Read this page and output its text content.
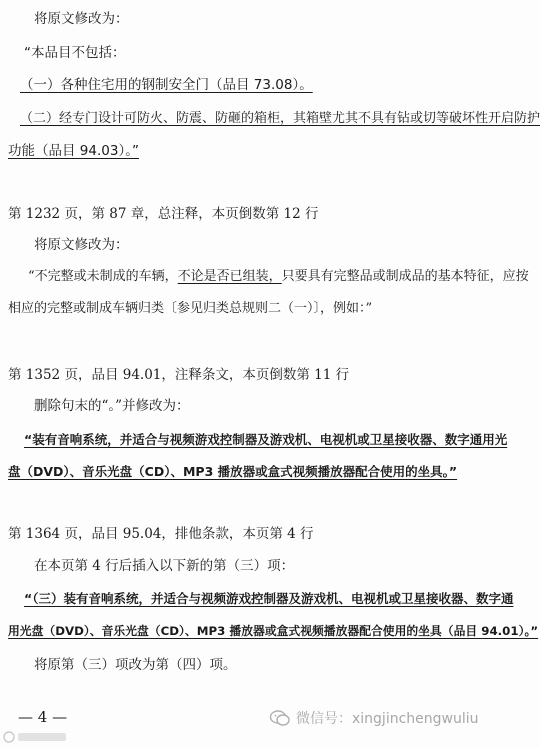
将原文修改为：
“本品目不包括：
（一）各种住宅用的钢制安全门（品目 73.08）。
（二）经专门设计可防火、防震、防砸的箱柜，其箱壁尤其不具有钻或切等破坏性开启防护
功能（品目 94.03）。”
第 1232 页，第 87 章，总注释，本页倒数第 12 行
将原文修改为：
“不完整或未制成的车辆，不论是否已组装，只要具有完整品或制成品的基本特征，应按
相应的完整或制成车辆归类〔参见归类总规则二（一）〕，例如：”
第 1352 页，品目 94.01，注释条文，本页倒数第 11 行
删除句末的“。”并修改为：
“装有音响系统，并适合与视频游戏控制器及游戏机、电视机或卫星接收器、数字通用光
盘（DVD）、音乐光盘（CD）、MP3 播放器或盒式视频播放器配合使用的坐具。”
第 1364 页，品目 95.04，排他条款，本页第 4 行
在本页第 4 行后插入以下新的第（三）项：
“（三）装有音响系统，并适合与视频游戏控制器及游戏机、电视机或卫星接收器、数字通
用光盘（DVD）、音乐光盘（CD）、MP3 播放器或盒式视频播放器配合使用的坐具（品目 94.01）。”
将原第（三）项改为第（四）项。
— 4 —	微信号：xingjinchengwuliu
